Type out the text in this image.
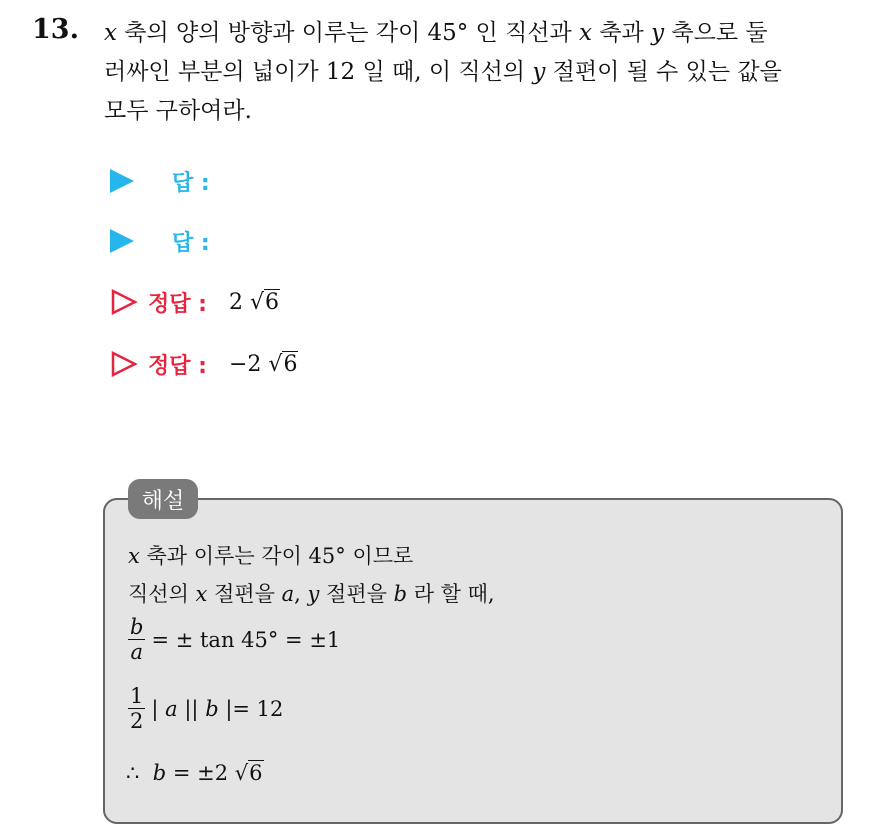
13. x 축의 양의 방향과 이루는 각이 45° 인 직선과 x 축과 y 축으로 둘
러싸인 부분의 넓이가 12 일 때, 이 직선의 y 절편이 될 수 있는 값을
모두 구하여라.
답 :
답 :
정답 : 2 √6
정답 : −2 √6
해설
x 축과 이루는 각이 45° 이므로
직선의 x 절편을 a, y 절편을 b 라 할 때,
$\frac{b}{a}$ = ± tan 45° = ±1
$\frac{1}{2}$ | a || b |= 12
∴ b = ±2 √6
